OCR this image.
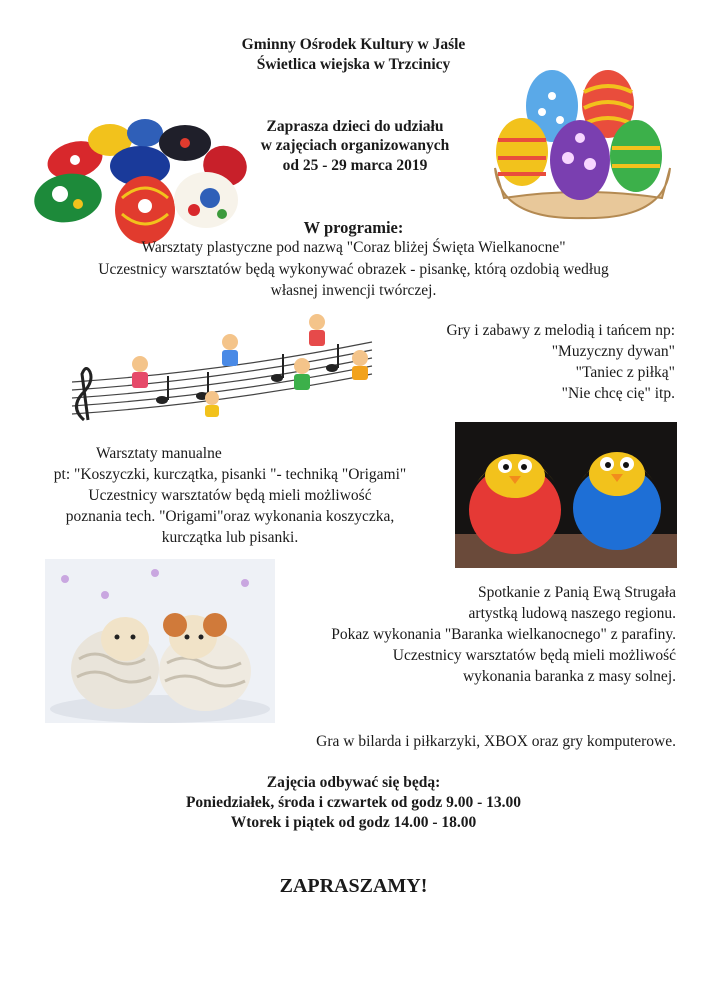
Gminny Ośrodek Kultury w Jaśle
Świetlica wiejska w Trzcinicy
Zaprasza dzieci do udziału
w zajęciach organizowanych
od 25 - 29 marca 2019
W programie:
Warsztaty plastyczne pod nazwą "Coraz bliżej Święta Wielkanocne"
Uczestnicy warsztatów będą wykonywać obrazek - pisankę, którą ozdobią według
własnej inwencji twórczej.
Gry i zabawy z melodią i tańcem np:
"Muzyczny dywan"
"Taniec z piłką"
"Nie chcę cię" itp.
Warsztaty manualne
pt: "Koszyczki, kurczątka, pisanki "- techniką "Origami"
Uczestnicy warsztatów będą mieli możliwość
poznania tech. "Origami"oraz wykonania koszyczka,
kurczątka lub pisanki.
Spotkanie z Panią Ewą Strugała
artystką ludową naszego regionu.
Pokaz wykonania "Baranka wielkanocnego" z parafiny.
Uczestnicy warsztatów będą mieli możliwość
wykonania baranka z masy solnej.
Gra w bilarda i piłkarzyki, XBOX oraz gry komputerowe.
Zajęcia odbywać się będą:
Poniedziałek, środa i czwartek od godz 9.00 - 13.00
Wtorek i piątek od godz 14.00 - 18.00
ZAPRASZAMY!
